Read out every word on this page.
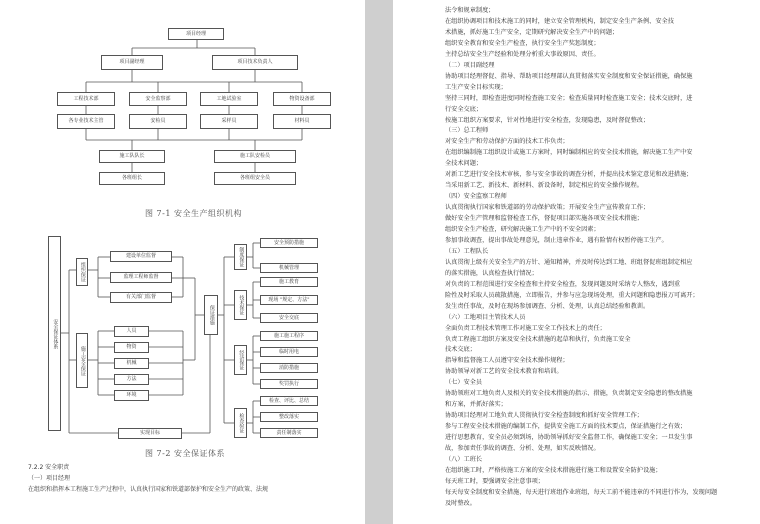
项目经理
项目副经理	项目技术负责人
工程技术部	安全监察部	工地试验室	物资设备部
各专业技术主管	安检员	采样员	材料员
施工队队长	施工队安检员
各班组长	各班组安全员
图 7-1 安全生产组织机构
安全保证体系
组织保证
施工安全保证
建设单位监督
监理工程师监督
有关部门监督
人员
物资
机械
方法
环境
保证措施
制度保证
技术保证
经济保证
检查验证
安全预防措施
机械管理
施工教育
现场 "规定、方法"
安全交底
施工施工程序
临时用电
消防措施
奖罚执行
检查、评比、总结
整改落实
责任制落实
实现目标
图 7-2 安全保证体系
7.2.2 安全职责
（一）项目经理
在组织和指挥本工程施工生产过程中，认真执行国家和铁道部保护和安全生产的政策、法规
法令和规章制度；
在组织协调项目和技术施工的同时，建立安全管理机构，制定安全生产条例、安全技
术措施，抓好施工生产安全，定期研究解决安全生产中的问题；
组织安全教育和安全生产检查，执行安全生产奖惩制度；
主持总结安全生产经验和处理分析重大事故原因、责任。
（二）项目副经理
协助项目经理督促、指导、帮助项目经理部认真贯彻落实安全制度和安全保证措施，确保施
工生产安全目标实现；
坚持三同时，即检查进度同时检查施工安全；检查质量同时检查施工安全；技术交底时，进
行安全交底；
按施工组织方案要求，针对性地进行安全检查，发现隐患，及时督促整改；
（三）总工程师
对安全生产和劳动保护方面的技术工作负责；
在组织编制施工组织设计或施工方案时，同时编制相应的安全技术措施，解决施工生产中安
全技术问题；
对新工艺进行安全技术审核，参与安全事故的调查分析，并提出技术鉴定意见和改进措施；
当采用新工艺、新技术、新材料、新设备时，制定相应的安全操作规程。
（四）安全监察工程师
认真贯彻执行国家和铁道部的劳动保护政策；开展安全生产宣传教育工作；
做好安全生产管理和监督检查工作，督促项目部实施各项安全技术措施；
组织安全生产检查，研究解决施工生产中的不安全因素；
参加事故调查，提出事故处理意见，制止违章作业，遇有险情有权暂停施工生产。
（五）工程队长
认真贯彻上级有关安全生产的方针、通知精神，并及时传达到工地、班组督促班组制定相应
的落实措施，认真检查执行情况；
对负责的工程范围进行安全检查和主持安全检查，发现问题及时采纳专人整改，遇到重
险性及时采取人员疏散措施，立即报告，并参与应急现场处理，重大问题和隐患报万可离开；
发生责任事故，及时在现场参加调查、分析、处理，认真总结经验和教训。
（六）工地项目主管技术人员
全面负责工程技术管理工作对施工安全工作技术上的责任；
负责工程施工组织方案及安全技术措施的起草和执行，负责施工安全
技术交底；
指导和监督施工人员遵守安全技术操作规程；
协助领导对新工艺的安全技术教育和培训。
（七）安全员
协助领班对工地负责人及相关的安全技术措施的指示、措施，负责制定安全隐患的整改措施
和方案，并抓好落实；
协助项目经理对工地负责人贯彻执行安全检查制度和抓好安全管理工作；
参与工程安全技术措施的编制工作，提供安全施工方面的技术要点，保证措施行之有效；
进行思想教育，安全员必须到场，协助领导抓好安全监督工作，确保施工安全；一旦发生事
故，参加责任事故的调查、分析、处理，如实反映情况。
（八）工班长
在组织施工时，严格按施工方案的安全技术措施进行施工和设置安全防护设施；
每天班工时，要强调安全注意事项；
每天每安全制度和安全措施，每天进行班组作业班组，每天工前不能违章的不同进行作为，发现问题
及时整改。
